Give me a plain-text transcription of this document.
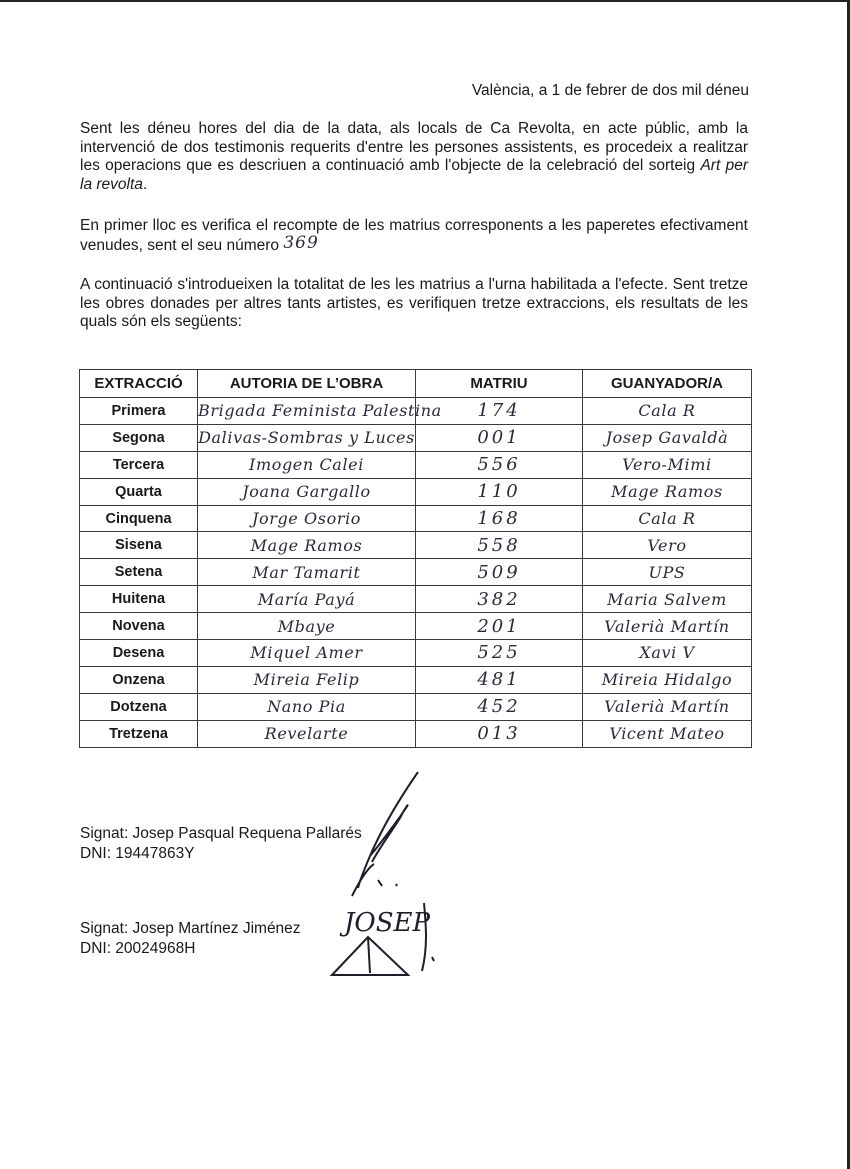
València, a 1 de febrer de dos mil déneu
Sent les déneu hores del dia de la data, als locals de Ca Revolta, en acte públic, amb la intervenció de dos testimonis requerits d'entre les persones assistents, es procedeix a realitzar les operacions que es descriuen a continuació amb l'objecte de la celebració del sorteig Art per la revolta.
En primer lloc es verifica el recompte de les matrius corresponents a les paperetes efectivament venudes, sent el seu número 369
A continuació s'introdueixen la totalitat de les les matrius a l'urna habilitada a l'efecte. Sent tretze les obres donades per altres tants artistes, es verifiquen tretze extraccions, els resultats de les quals són els següents:
EXTRACCIÓ	AUTORIA DE L’OBRA	MATRIU	GUANYADOR/A
Primera	Brigada Feminista Palestina	174	Cala R
Segona	Dalivas-Sombras y Luces	001	Josep Gavaldà
Tercera	Imogen Calei	556	Vero-Mimi
Quarta	Joana Gargallo	110	Mage Ramos
Cinquena	Jorge Osorio	168	Cala R
Sisena	Mage Ramos	558	Vero
Setena	Mar Tamarit	509	UPS
Huitena	María Payá	382	Maria Salvem
Novena	Mbaye	201	Valerià Martín
Desena	Miquel Amer	525	Xavi V
Onzena	Mireia Felip	481	Mireia Hidalgo
Dotzena	Nano Pia	452	Valerià Martín
Tretzena	Revelarte	013	Vicent Mateo
Signat: Josep Pasqual Requena Pallarés
DNI: 19447863Y
Signat: Josep Martínez Jiménez
DNI: 20024968H
JOSEP
